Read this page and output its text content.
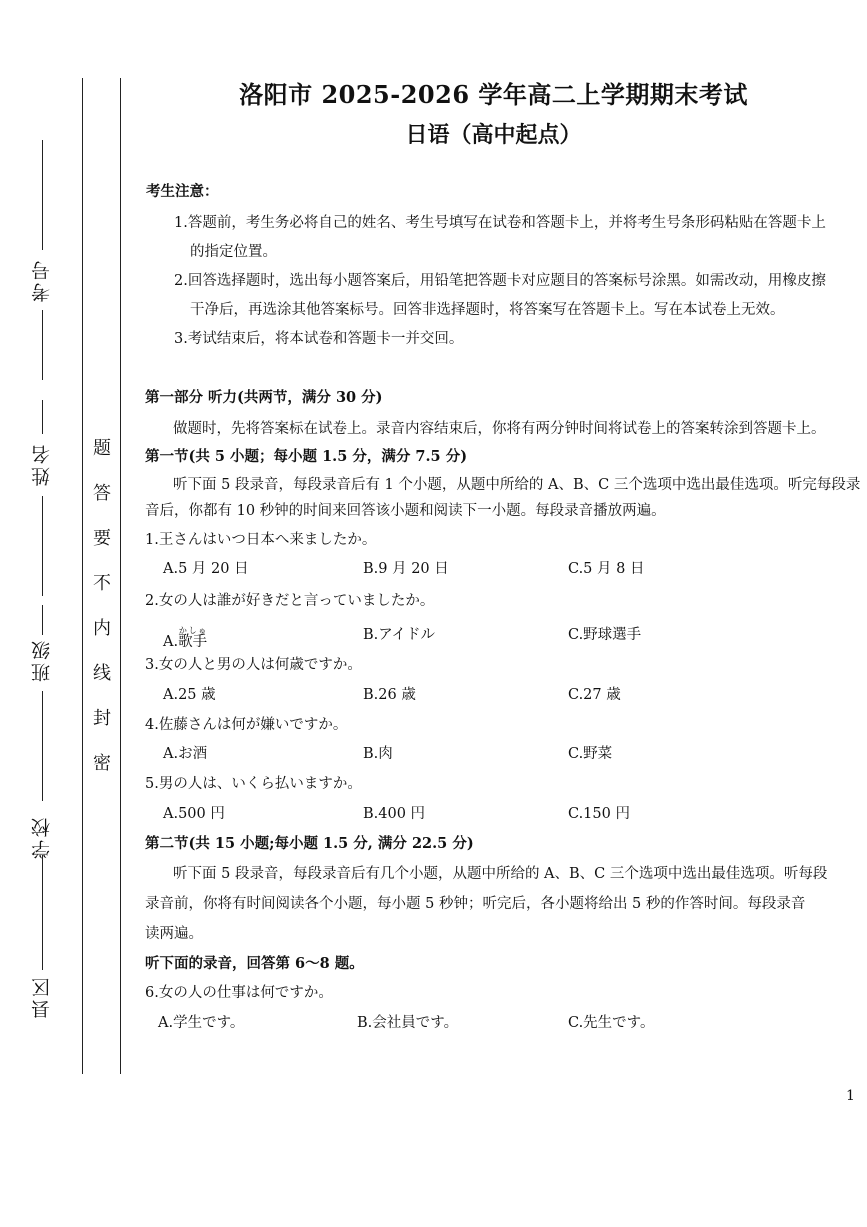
考号
姓名
班级
学校
县区
题
答
要
不
内
线
封
密
洛阳市 2025-2026 学年高二上学期期末考试
日语（高中起点）
考生注意：
1.答题前，考生务必将自己的姓名、考生号填写在试卷和答题卡上，并将考生号条形码粘贴在答题卡上
的指定位置。
2.回答选择题时，选出每小题答案后，用铅笔把答题卡对应题目的答案标号涂黑。如需改动，用橡皮擦
干净后，再选涂其他答案标号。回答非选择题时，将答案写在答题卡上。写在本试卷上无效。
3.考试结束后，将本试卷和答题卡一并交回。
第一部分 听力(共两节，满分 30 分)
做题时，先将答案标在试卷上。录音内容结束后，你将有两分钟时间将试卷上的答案转涂到答题卡上。
第一节(共 5 小题；每小题 1.5 分，满分 7.5 分)
听下面 5 段录音，每段录音后有 1 个小题，从题中所给的 A、B、C 三个选项中选出最佳选项。听完每段录
音后，你都有 10 秒钟的时间来回答该小题和阅读下一小题。每段录音播放两遍。
1.王さんはいつ日本へ来ましたか。
A.5 月 20 日	B.9 月 20 日	C.5 月 8 日
2.女の人は誰が好きだと言っていましたか。
A.歌手かしゅ	B.アイドル	C.野球選手
3.女の人と男の人は何歳ですか。
A.25 歳	B.26 歳	C.27 歳
4.佐藤さんは何が嫌いですか。
A.お酒	B.肉	C.野菜
5.男の人は、いくら払いますか。
A.500 円	B.400 円	C.150 円
第二节(共 15 小题;每小题 1.5 分, 满分 22.5 分)
听下面 5 段录音，每段录音后有几个小题，从题中所给的 A、B、C 三个选项中选出最佳选项。听每段
录音前，你将有时间阅读各个小题，每小题 5 秒钟；听完后，各小题将给出 5 秒的作答时间。每段录音
读两遍。
听下面的录音，回答第 6～8 题。
6.女の人の仕事は何ですか。
A.学生です。	B.会社員です。	C.先生です。
1
